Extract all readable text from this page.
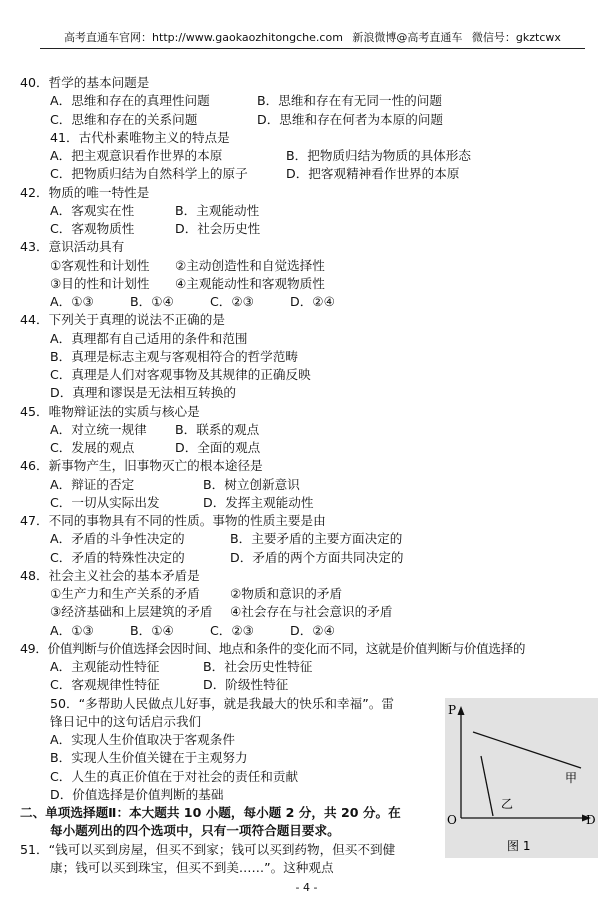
高考直通车官网：http://www.gaokaozhitongche.com 新浪微博@高考直通车 微信号：gkztcwx
40．哲学的基本问题是
A．思维和存在的真理性问题	B．思维和存在有无同一性的问题
C．思维和存在的关系问题	D．思维和存在何者为本原的问题
41．古代朴素唯物主义的特点是
A．把主观意识看作世界的本原	B．把物质归结为物质的具体形态
C．把物质归结为自然科学上的原子	D．把客观精神看作世界的本原
42．物质的唯一特性是
A．客观实在性	B．主观能动性
C．客观物质性	D．社会历史性
43．意识活动具有
①客观性和计划性 ②主动创造性和自觉选择性
③目的性和计划性 ④主观能动性和客观物质性
A．①③	B．①④	C．②③	D．②④
44．下列关于真理的说法不正确的是
A．真理都有自己适用的条件和范围
B．真理是标志主观与客观相符合的哲学范畴
C．真理是人们对客观事物及其规律的正确反映
D．真理和谬误是无法相互转换的
45．唯物辩证法的实质与核心是
A．对立统一规律 B．联系的观点
C．发展的观点	D．全面的观点
46．新事物产生，旧事物灭亡的根本途径是
A．辩证的否定	B．树立创新意识
C．一切从实际出发	D．发挥主观能动性
47．不同的事物具有不同的性质。事物的性质主要是由
A．矛盾的斗争性决定的	B．主要矛盾的主要方面决定的
C．矛盾的特殊性决定的	D．矛盾的两个方面共同决定的
48．社会主义社会的基本矛盾是
①生产力和生产关系的矛盾 ②物质和意识的矛盾
③经济基础和上层建筑的矛盾 ④社会存在与社会意识的矛盾
A．①③	B．①④	C．②③	D．②④
49．价值判断与价值选择会因时间、地点和条件的变化而不同，这就是价值判断与价值选择的
A．主观能动性特征	B．社会历史性特征
C．客观规律性特征	D．阶级性特征
50．“多帮助人民做点儿好事，就是我最大的快乐和幸福”。雷
锋日记中的这句话启示我们
A．实现人生价值取决于客观条件
B．实现人生价值关键在于主观努力
C．人生的真正价值在于对社会的责任和贡献
D．价值选择是价值判断的基础
二、单项选择题Ⅱ：本大题共 10 小题，每小题 2 分，共 20 分。在
每小题列出的四个选项中，只有一项符合题目要求。
51．“钱可以买到房屋，但买不到家；钱可以买到药物，但买不到健
康；钱可以买到珠宝，但买不到美……”。这种观点
P
O	D
甲
乙
图 1
- 4 -
